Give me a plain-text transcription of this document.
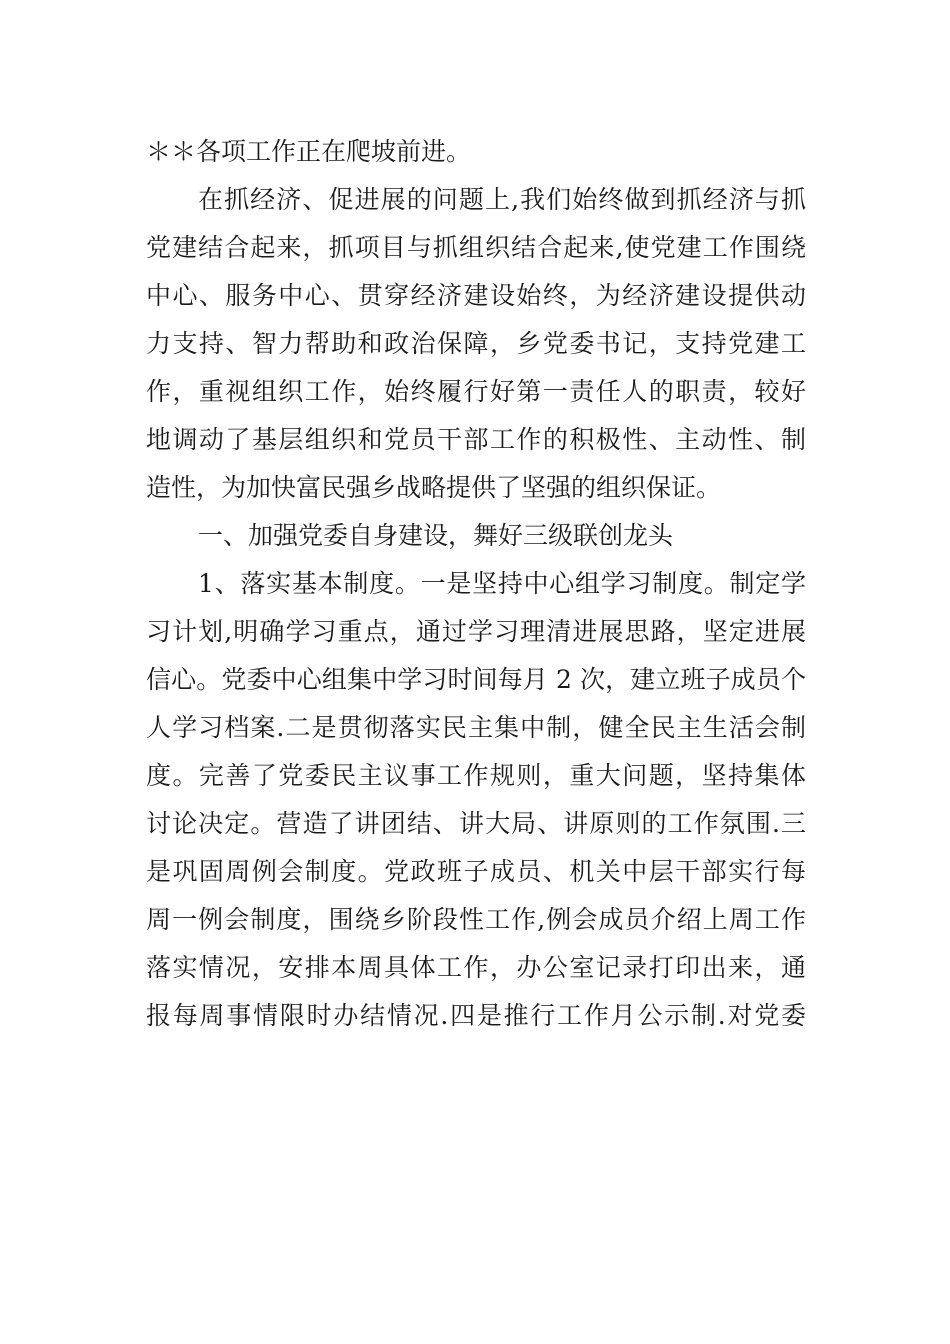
＊＊各项工作正在爬坡前进。
在抓经济、促进展的问题上,我们始终做到抓经济与抓
党建结合起来，抓项目与抓组织结合起来,使党建工作围绕
中心、服务中心、贯穿经济建设始终，为经济建设提供动
力支持、智力帮助和政治保障，乡党委书记，支持党建工
作，重视组织工作，始终履行好第一责任人的职责，较好
地调动了基层组织和党员干部工作的积极性、主动性、制
造性，为加快富民强乡战略提供了坚强的组织保证。
一、加强党委自身建设，舞好三级联创龙头
1、落实基本制度。一是坚持中心组学习制度。制定学
习计划,明确学习重点，通过学习理清进展思路，坚定进展
信心。党委中心组集中学习时间每月 2 次，建立班子成员个
人学习档案.二是贯彻落实民主集中制，健全民主生活会制
度。完善了党委民主议事工作规则，重大问题，坚持集体
讨论决定。营造了讲团结、讲大局、讲原则的工作氛围.三
是巩固周例会制度。党政班子成员、机关中层干部实行每
周一例会制度，围绕乡阶段性工作,例会成员介绍上周工作
落实情况，安排本周具体工作，办公室记录打印出来，通
报每周事情限时办结情况.四是推行工作月公示制.对党委
